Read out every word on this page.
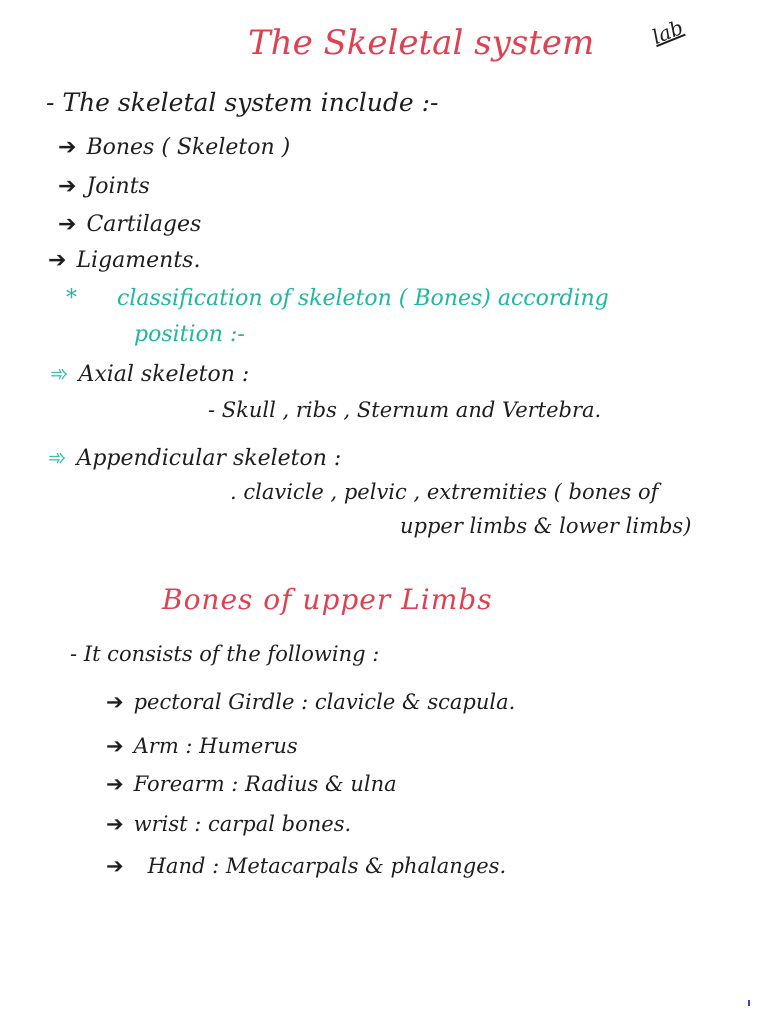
The Skeletal system	lab
- The skeletal system include :-
➔ Bones ( Skeleton )
➔ Joints
➔ Cartilages
➔ Ligaments.
* classification of skeleton ( Bones) according
position :-
➾ Axial skeleton :
- Skull , ribs , Sternum and Vertebra.
➾ Appendicular skeleton :
. clavicle , pelvic , extremities ( bones of
upper limbs & lower limbs)
Bones of upper Limbs
- It consists of the following :
➔ pectoral Girdle : clavicle & scapula.
➔ Arm : Humerus
➔ Forearm : Radius & ulna
➔ wrist : carpal bones.
➔ Hand : Metacarpals & phalanges.
